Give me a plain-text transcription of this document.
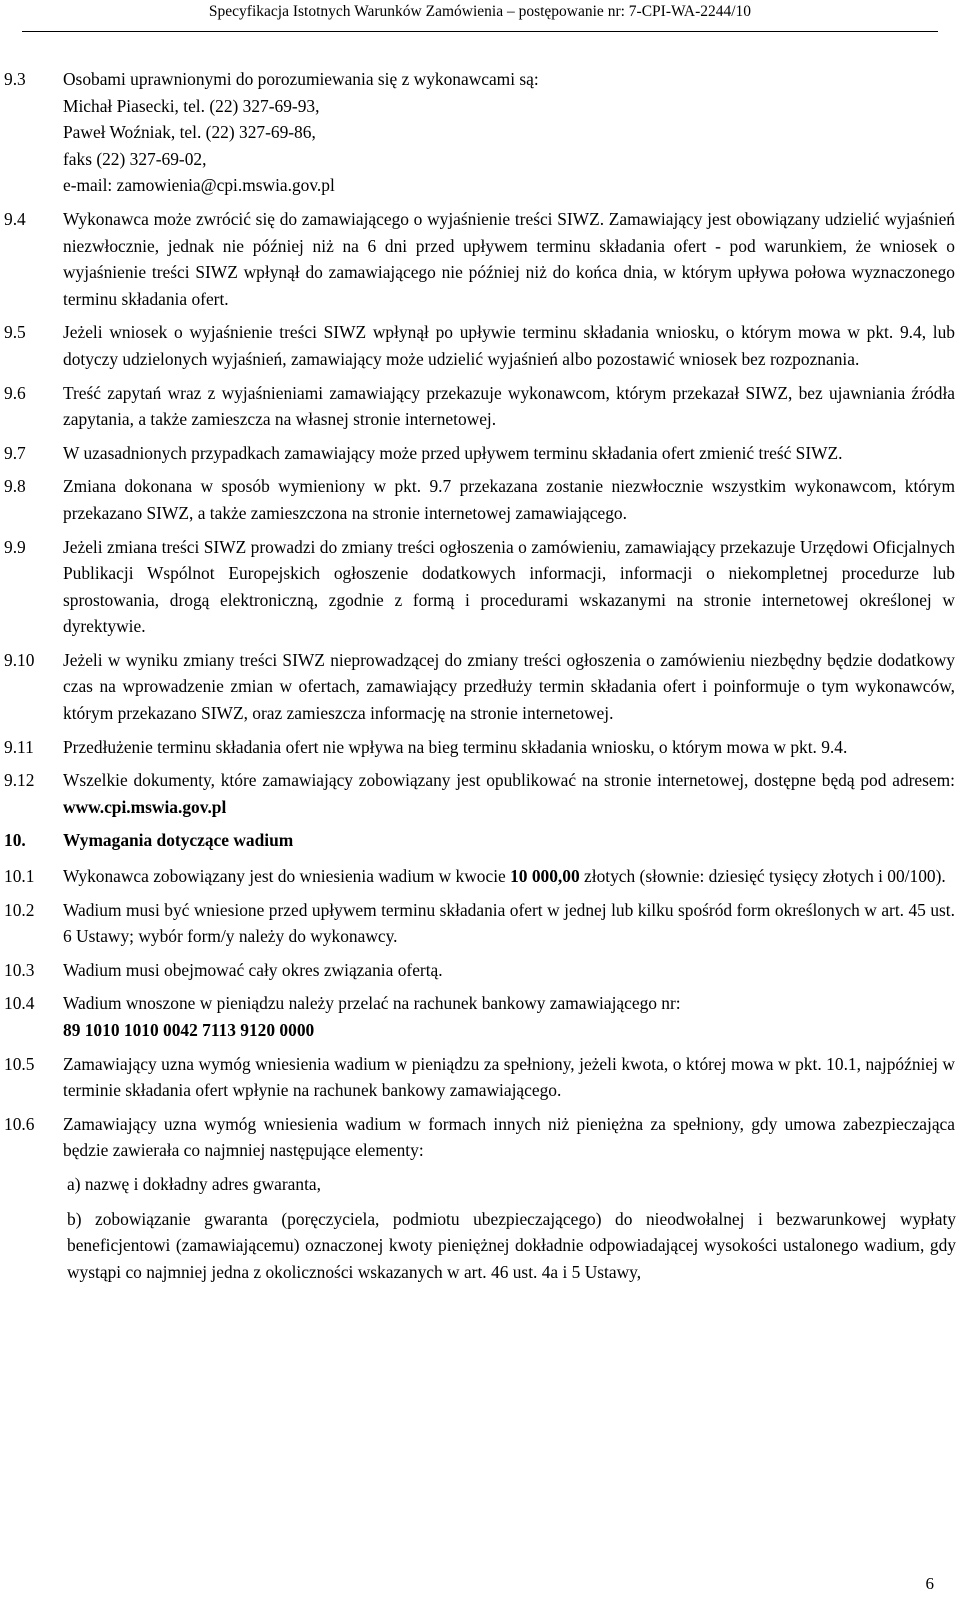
Specyfikacja Istotnych Warunków Zamówienia – postępowanie nr: 7-CPI-WA-2244/10
9.3	Osobami uprawnionymi do porozumiewania się z wykonawcami są:
Michał Piasecki, tel. (22) 327-69-93,
Paweł Woźniak, tel. (22) 327-69-86,
faks (22) 327-69-02,
e-mail: zamowienia@cpi.mswia.gov.pl
9.4	Wykonawca może zwrócić się do zamawiającego o wyjaśnienie treści SIWZ. Zamawiający jest obowiązany udzielić wyjaśnień niezwłocznie, jednak nie później niż na 6 dni przed upływem terminu składania ofert - pod warunkiem, że wniosek o wyjaśnienie treści SIWZ wpłynął do zamawiającego nie później niż do końca dnia, w którym upływa połowa wyznaczonego terminu składania ofert.
9.5	Jeżeli wniosek o wyjaśnienie treści SIWZ wpłynął po upływie terminu składania wniosku, o którym mowa w pkt. 9.4, lub dotyczy udzielonych wyjaśnień, zamawiający może udzielić wyjaśnień albo pozostawić wniosek bez rozpoznania.
9.6	Treść zapytań wraz z wyjaśnieniami zamawiający przekazuje wykonawcom, którym przekazał SIWZ, bez ujawniania źródła zapytania, a także zamieszcza na własnej stronie internetowej.
9.7	W uzasadnionych przypadkach zamawiający może przed upływem terminu składania ofert zmienić treść SIWZ.
9.8	Zmiana dokonana w sposób wymieniony w pkt. 9.7 przekazana zostanie niezwłocznie wszystkim wykonawcom, którym przekazano SIWZ, a także zamieszczona na stronie internetowej zamawiającego.
9.9	Jeżeli zmiana treści SIWZ prowadzi do zmiany treści ogłoszenia o zamówieniu, zamawiający przekazuje Urzędowi Oficjalnych Publikacji Wspólnot Europejskich ogłoszenie dodatkowych informacji, informacji o niekompletnej procedurze lub sprostowania, drogą elektroniczną, zgodnie z formą i procedurami wskazanymi na stronie internetowej określonej w dyrektywie.
9.10	Jeżeli w wyniku zmiany treści SIWZ nieprowadzącej do zmiany treści ogłoszenia o zamówieniu niezbędny będzie dodatkowy czas na wprowadzenie zmian w ofertach, zamawiający przedłuży termin składania ofert i poinformuje o tym wykonawców, którym przekazano SIWZ, oraz zamieszcza informację na stronie internetowej.
9.11	Przedłużenie terminu składania ofert nie wpływa na bieg terminu składania wniosku, o którym mowa w pkt. 9.4.
9.12	Wszelkie dokumenty, które zamawiający zobowiązany jest opublikować na stronie internetowej, dostępne będą pod adresem: www.cpi.mswia.gov.pl
10.	Wymagania dotyczące wadium
10.1	Wykonawca zobowiązany jest do wniesienia wadium w kwocie 10 000,00 złotych (słownie: dziesięć tysięcy złotych i 00/100).
10.2	Wadium musi być wniesione przed upływem terminu składania ofert w jednej lub kilku spośród form określonych w art. 45 ust. 6 Ustawy; wybór form/y należy do wykonawcy.
10.3	Wadium musi obejmować cały okres związania ofertą.
10.4	Wadium wnoszone w pieniądzu należy przelać na rachunek bankowy zamawiającego nr:
89 1010 1010 0042 7113 9120 0000
10.5	Zamawiający uzna wymóg wniesienia wadium w pieniądzu za spełniony, jeżeli kwota, o której mowa w pkt. 10.1, najpóźniej w terminie składania ofert wpłynie na rachunek bankowy zamawiającego.
10.6	Zamawiający uzna wymóg wniesienia wadium w formach innych niż pieniężna za spełniony, gdy umowa zabezpieczająca będzie zawierała co najmniej następujące elementy:
a) nazwę i dokładny adres gwaranta,
b) zobowiązanie gwaranta (poręczyciela, podmiotu ubezpieczającego) do nieodwołalnej i bezwarunkowej wypłaty beneficjentowi (zamawiającemu) oznaczonej kwoty pieniężnej dokładnie odpowiadającej wysokości ustalonego wadium, gdy wystąpi co najmniej jedna z okoliczności wskazanych w art. 46 ust. 4a i 5 Ustawy,
6
